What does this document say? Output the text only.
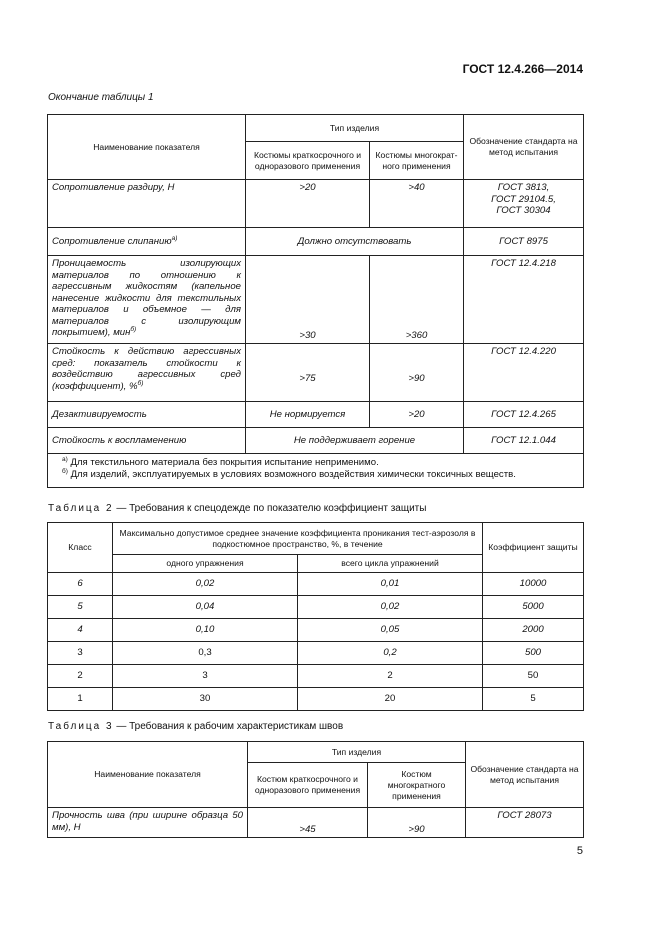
ГОСТ 12.4.266—2014
Окончание таблицы 1
Наименование показателя	Тип изделия		Обозначение стандарта на метод испытания
	Костюмы краткосрочного и одноразового применения	Костюмы многократ-ного применения	
Сопротивление раздиру, Н	>20	>40	ГОСТ 3813,
ГОСТ 29104.5,
ГОСТ 30304

Сопротивление слипанию$^{а)}$	Должно отсутствовать		ГОСТ 8975
Проницаемость изолирующих материалов по отношению к агрессивным жидкостям (капельное нанесение жидкости для текстильных материалов и объемное — для материалов с изолирующим покрытием), мин$^{б)}$	>30	>360	ГОСТ 12.4.218
Стойкость к действию агрессивных сред: показатель стойкости к воздействию агрессивных сред (коэффициент), %$^{б)}$	>75	>90	ГОСТ 12.4.220
Дезактивируемость	Не нормируется	>20	ГОСТ 12.4.265
Стойкость к воспламенению	Не поддерживает горение		ГОСТ 12.1.044

$^{а)}$ Для текстильного материала без покрытия испытание неприменимо.
$^{б)}$ Для изделий, эксплуатируемых в условиях возможного воздействия химически токсичных веществ.			
Таблица 2 — Требования к спецодежде по показателю коэффициент защиты
Класс	Максимально допустимое среднее значение коэффициента проникания тест-аэрозоля в подкостюмное пространство, %, в течение		Коэффициент защиты
	одного упражнения	всего цикла упражнений	
6	0,02	0,01	10000
5	0,04	0,02	5000
4	0,10	0,05	2000
3	0,3	0,2	500
2	3	2	50
1	30	20	5
Таблица 3 — Требования к рабочим характеристикам швов
Наименование показателя	Тип изделия		Обозначение стандарта на метод испытания
	Костюм краткосрочного и одноразового применения	Костюм многократного применения	
Прочность шва (при ширине образца 50 мм), Н	>45	>90	ГОСТ 28073
5
